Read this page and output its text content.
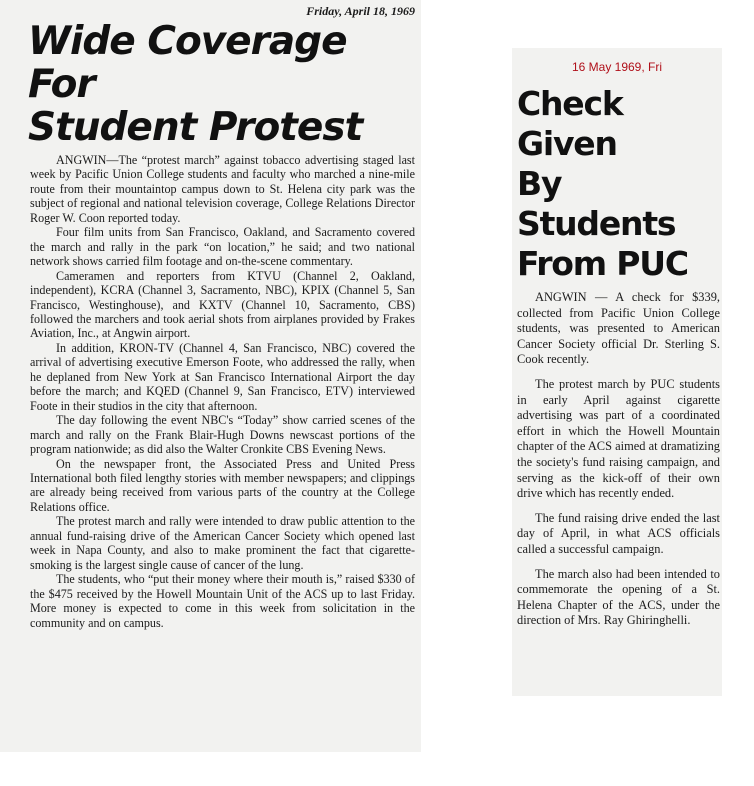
Friday, April 18, 1969
Wide Coverage For
Student Protest

ANGWIN—The “protest march” against tobacco advertising staged last week by Pacific Union College students and faculty who marched a nine-mile route from their mountaintop campus down to St. Helena city park was the subject of regional and national television coverage, College Relations Director Roger W. Coon reported today.

Four film units from San Francisco, Oakland, and Sacramento covered the march and rally in the park “on location,” he said; and two national network shows carried film footage and on-the-scene commentary.

Cameramen and reporters from KTVU (Channel 2, Oakland, independent), KCRA (Channel 3, Sacramento, NBC), KPIX (Channel 5, San Francisco, Westinghouse), and KXTV (Channel 10, Sacramento, CBS) followed the marchers and took aerial shots from airplanes provided by Frakes Aviation, Inc., at Angwin airport.

In addition, KRON-TV (Channel 4, San Francisco, NBC) covered the arrival of advertising executive Emerson Foote, who addressed the rally, when he deplaned from New York at San Francisco International Airport the day before the march; and KQED (Channel 9, San Francisco, ETV) interviewed Foote in their studios in the city that afternoon.

The day following the event NBC's “Today” show carried scenes of the march and rally on the Frank Blair-Hugh Downs newscast portions of the program nationwide; as did also the Walter Cronkite CBS Evening News.

On the newspaper front, the Associated Press and United Press International both filed lengthy stories with member newspapers; and clippings are already being received from various parts of the country at the College Relations office.

The protest march and rally were intended to draw public attention to the annual fund-raising drive of the American Cancer Society which opened last week in Napa County, and also to make prominent the fact that cigarette-smoking is the largest single cause of cancer of the lung.

The students, who “put their money where their mouth is,” raised $330 of the $475 received by the Howell Mountain Unit of the ACS up to last Friday. More money is expected to come in this week from solicitation in the community and on campus.

16 May 1969, Fri
Check Given
By Students
From PUC

ANGWIN — A check for $339, collected from Pacific Union College students, was presented to American Cancer Society official Dr. Sterling S. Cook recently.

The protest march by PUC students in early April against cigarette advertising was part of a coordinated effort in which the Howell Mountain chapter of the ACS aimed at dramatizing the society's fund raising campaign, and serving as the kick-off of their own drive which has recently ended.

The fund raising drive ended the last day of April, in what ACS officials called a successful campaign.

The march also had been intended to commemorate the opening of a St. Helena Chapter of the ACS, under the direction of Mrs. Ray Ghiringhelli.
